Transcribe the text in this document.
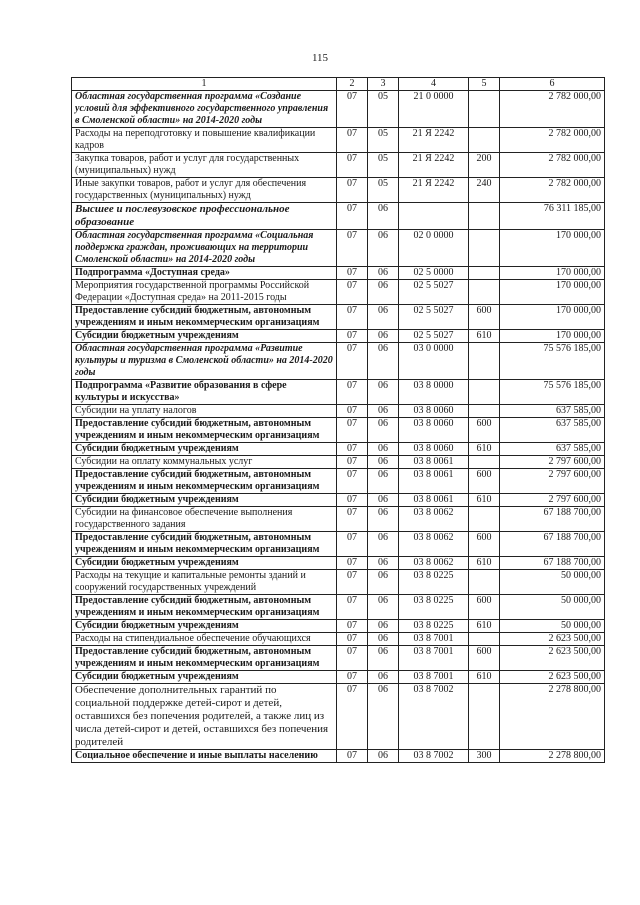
115
1	2	3	4	5	6
Областная государственная программа «Создание условий для эффективного государственного управления в Смоленской области» на 2014-2020 годы	07	05	21 0 0000		2 782 000,00
Расходы на переподготовку и повышение квалификации кадров	07	05	21 Я 2242		2 782 000,00
Закупка товаров, работ и услуг для государственных (муниципальных) нужд	07	05	21 Я 2242	200	2 782 000,00
Иные закупки товаров, работ и услуг для обеспечения государственных (муниципальных) нужд	07	05	21 Я 2242	240	2 782 000,00
Высшее и послевузовское профессиональное образование	07	06			76 311 185,00
Областная государственная программа «Социальная поддержка граждан, проживающих на территории Смоленской области» на 2014-2020 годы	07	06	02 0 0000		170 000,00
Подпрограмма «Доступная среда»	07	06	02 5 0000		170 000,00
Мероприятия государственной программы Российской Федерации «Доступная среда» на 2011-2015 годы	07	06	02 5 5027		170 000,00
Предоставление субсидий бюджетным, автономным учреждениям и иным некоммерческим организациям	07	06	02 5 5027	600	170 000,00
Субсидии бюджетным учреждениям	07	06	02 5 5027	610	170 000,00
Областная государственная программа «Развитие культуры и туризма в Смоленской области» на 2014-2020 годы	07	06	03 0 0000		75 576 185,00
Подпрограмма «Развитие образования в сфере культуры и искусства»	07	06	03 8 0000		75 576 185,00
Субсидии на уплату налогов	07	06	03 8 0060		637 585,00
Предоставление субсидий бюджетным, автономным учреждениям и иным некоммерческим организациям	07	06	03 8 0060	600	637 585,00
Субсидии бюджетным учреждениям	07	06	03 8 0060	610	637 585,00
Субсидии на оплату коммунальных услуг	07	06	03 8 0061		2 797 600,00
Предоставление субсидий бюджетным, автономным учреждениям и иным некоммерческим организациям	07	06	03 8 0061	600	2 797 600,00
Субсидии бюджетным учреждениям	07	06	03 8 0061	610	2 797 600,00
Субсидии на финансовое обеспечение выполнения государственного задания	07	06	03 8 0062		67 188 700,00
Предоставление субсидий бюджетным, автономным учреждениям и иным некоммерческим организациям	07	06	03 8 0062	600	67 188 700,00
Субсидии бюджетным учреждениям	07	06	03 8 0062	610	67 188 700,00
Расходы на текущие и капитальные ремонты зданий и сооружений государственных учреждений	07	06	03 8 0225		50 000,00
Предоставление субсидий бюджетным, автономным учреждениям и иным некоммерческим организациям	07	06	03 8 0225	600	50 000,00
Субсидии бюджетным учреждениям	07	06	03 8 0225	610	50 000,00
Расходы на стипендиальное обеспечение обучающихся	07	06	03 8 7001		2 623 500,00
Предоставление субсидий бюджетным, автономным учреждениям и иным некоммерческим организациям	07	06	03 8 7001	600	2 623 500,00
Субсидии бюджетным учреждениям	07	06	03 8 7001	610	2 623 500,00
Обеспечение дополнительных гарантий по социальной поддержке детей-сирот и детей, оставшихся без попечения родителей, а также лиц из числа детей-сирот и детей, оставшихся без попечения родителей	07	06	03 8 7002		2 278 800,00
Социальное обеспечение и иные выплаты населению	07	06	03 8 7002	300	2 278 800,00
